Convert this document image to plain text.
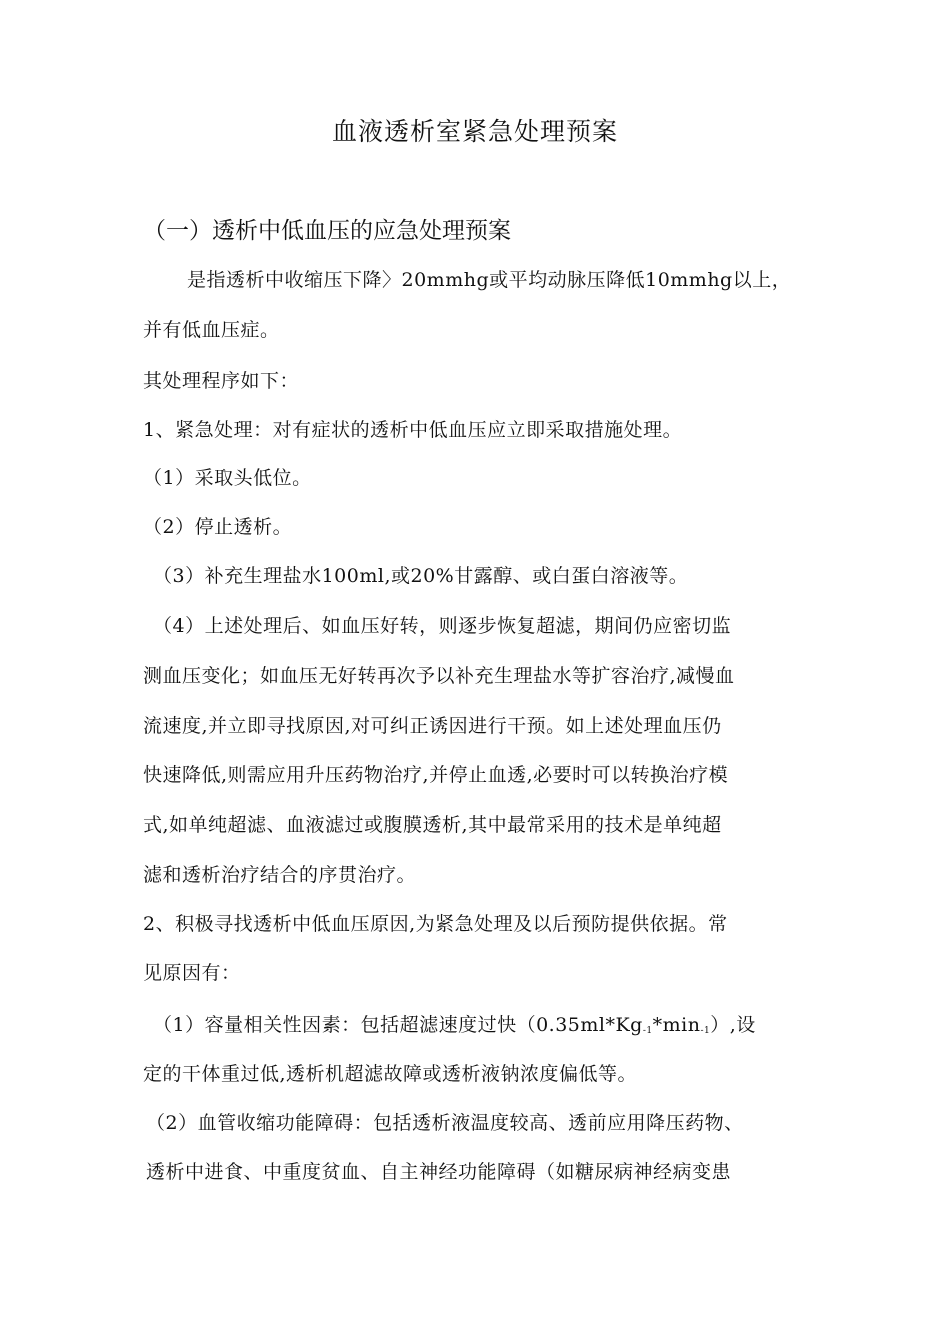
血液透析室紧急处理预案
（一）透析中低血压的应急处理预案
是指透析中收缩压下降〉20mmhg或平均动脉压降低10mmhg以上，
并有低血压症。
其处理程序如下：
1、紧急处理：对有症状的透析中低血压应立即采取措施处理。
（1）采取头低位。
（2）停止透析。
（3）补充生理盐水100ml,或20%甘露醇、或白蛋白溶液等。
（4）上述处理后、如血压好转，则逐步恢复超滤，期间仍应密切监
测血压变化；如血压无好转再次予以补充生理盐水等扩容治疗,减慢血
流速度,并立即寻找原因,对可纠正诱因进行干预。如上述处理血压仍
快速降低,则需应用升压药物治疗,并停止血透,必要时可以转换治疗模
式,如单纯超滤、血液滤过或腹膜透析,其中最常采用的技术是单纯超
滤和透析治疗结合的序贯治疗。
2、积极寻找透析中低血压原因,为紧急处理及以后预防提供依据。常
见原因有：
（1）容量相关性因素：包括超滤速度过快$(0.35ml*Kg_{-1}*\min_{-1})$,设
定的干体重过低,透析机超滤故障或透析液钠浓度偏低等。
（2）血管收缩功能障碍：包括透析液温度较高、透前应用降压药物、
透析中进食、中重度贫血、自主神经功能障碍（如糖尿病神经病变患
